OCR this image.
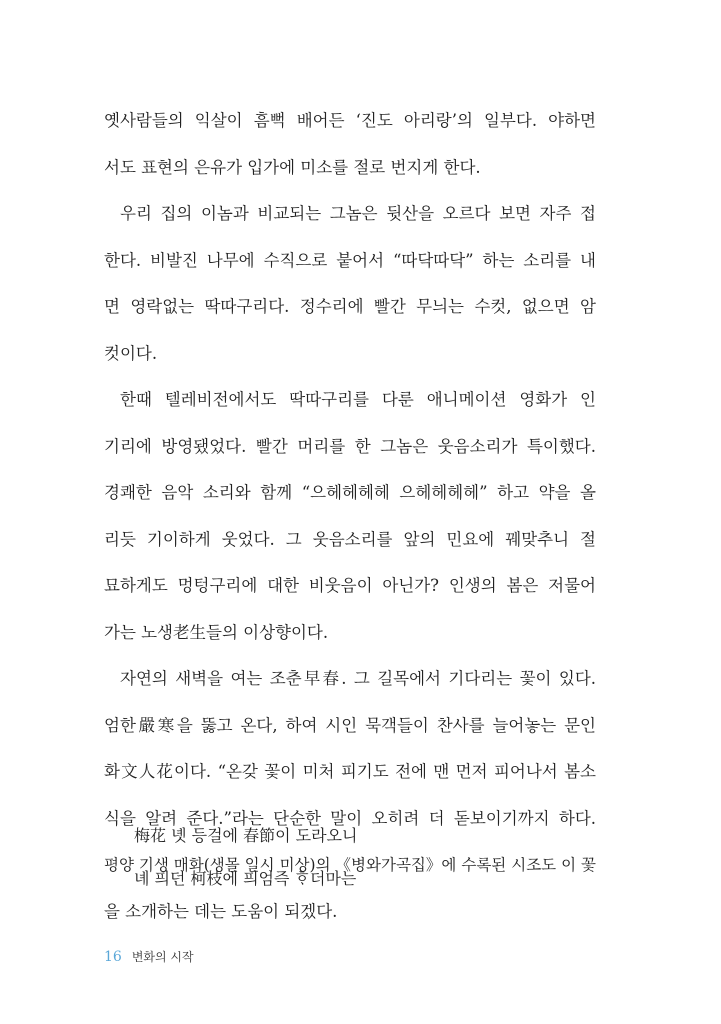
옛사람들의 익살이 흠뻑 배어든 ‘진도 아리랑’의 일부다. 야하면
서도 표현의 은유가 입가에 미소를 절로 번지게 한다.
우리 집의 이놈과 비교되는 그놈은 뒷산을 오르다 보면 자주 접
한다. 비발진 나무에 수직으로 붙어서 “따닥따닥” 하는 소리를 내
면 영락없는 딱따구리다. 정수리에 빨간 무늬는 수컷, 없으면 암
컷이다.
한때 텔레비전에서도 딱따구리를 다룬 애니메이션 영화가 인
기리에 방영됐었다. 빨간 머리를 한 그놈은 웃음소리가 특이했다.
경쾌한 음악 소리와 함께 “으헤헤헤헤 으헤헤헤헤” 하고 약을 올
리듯 기이하게 웃었다. 그 웃음소리를 앞의 민요에 꿰맞추니 절
묘하게도 멍텅구리에 대한 비웃음이 아닌가? 인생의 봄은 저물어
가는 노생老生들의 이상향이다.
자연의 새벽을 여는 조춘早春. 그 길목에서 기다리는 꽃이 있다.
엄한嚴寒을 뚫고 온다, 하여 시인 묵객들이 찬사를 늘어놓는 문인
화文人花이다. “온갖 꽃이 미처 피기도 전에 맨 먼저 피어나서 봄소
식을 알려 준다.”라는 단순한 말이 오히려 더 돋보이기까지 하다.
평양 기생 매화(생몰 일시 미상)의 《병와가곡집》에 수록된 시조도 이 꽃
을 소개하는 데는 도움이 되겠다.
梅花 녯 등걸에 春節이 도라오니
녜 픠던 柯枝에 픠엄즉 ᄒᆞ더마는
16 변화의 시작
